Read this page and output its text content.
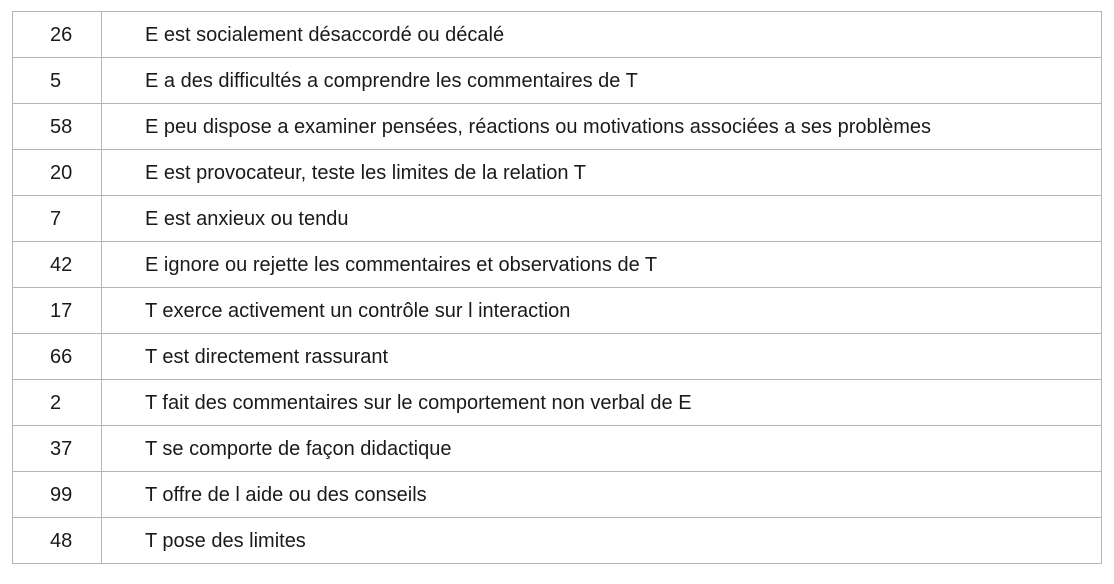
26	E est socialement désaccordé ou décalé
5	E a des difficultés a comprendre les commentaires de T
58	E peu dispose a examiner pensées, réactions ou motivations associées a ses problèmes
20	E est provocateur, teste les limites de la relation T
7	E est anxieux ou tendu
42	E ignore ou rejette les commentaires et observations de T
17	T exerce activement un contrôle sur l interaction
66	T est directement rassurant
2	T fait des commentaires sur le comportement non verbal de E
37	T se comporte de façon didactique
99	T offre de l aide ou des conseils
48	T pose des limites
